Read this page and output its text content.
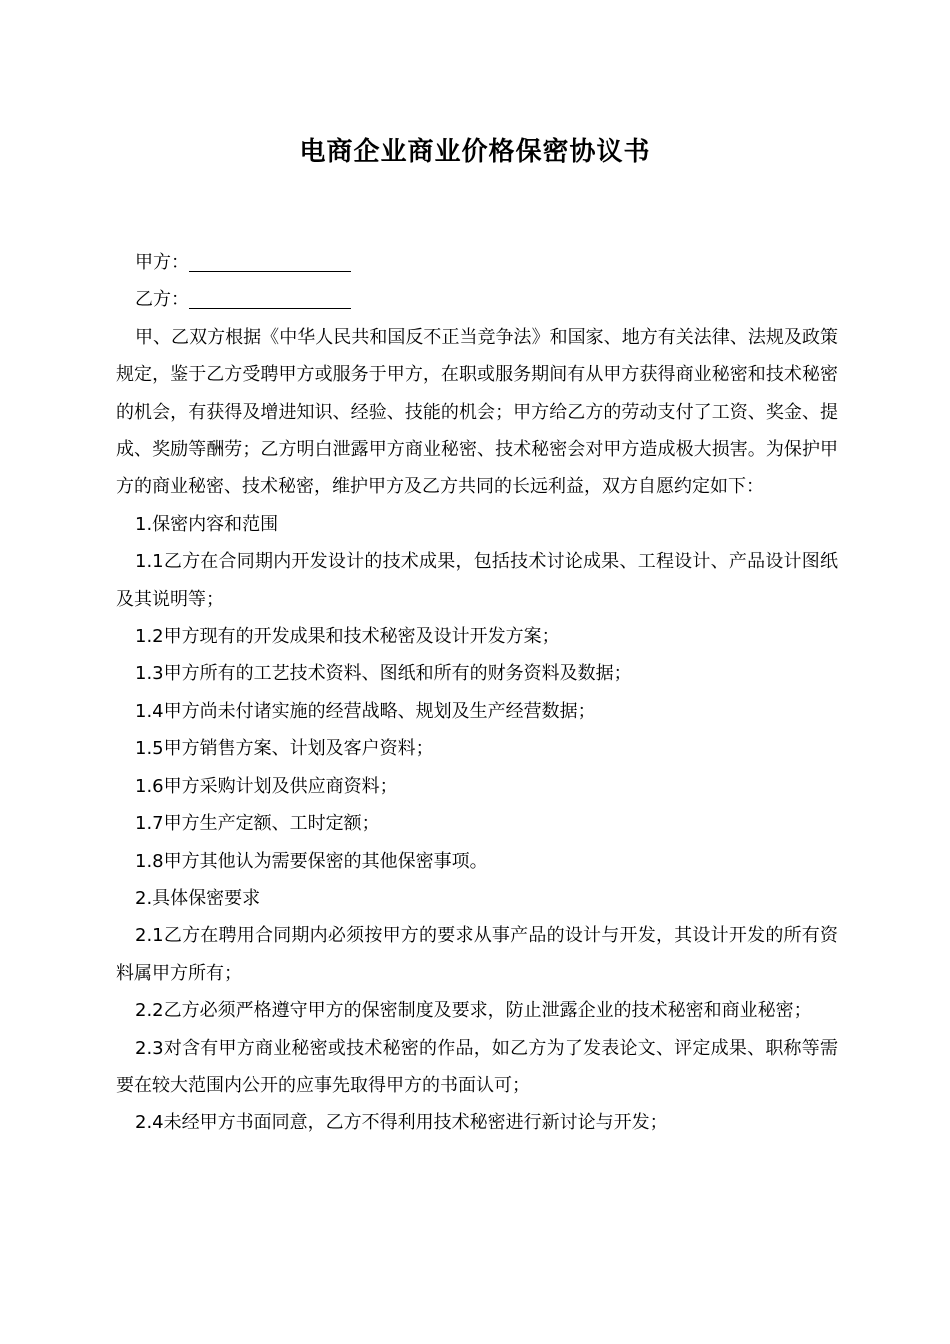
电商企业商业价格保密协议书

甲方：

乙方：

甲、乙双方根据《中华人民共和国反不正当竞争法》和国家、地方有关法律、法规及政策规定，鉴于乙方受聘甲方或服务于甲方，在职或服务期间有从甲方获得商业秘密和技术秘密的机会，有获得及增进知识、经验、技能的机会；甲方给乙方的劳动支付了工资、奖金、提成、奖励等酬劳；乙方明白泄露甲方商业秘密、技术秘密会对甲方造成极大损害。为保护甲方的商业秘密、技术秘密，维护甲方及乙方共同的长远利益，双方自愿约定如下：

1.保密内容和范围

1.1乙方在合同期内开发设计的技术成果，包括技术讨论成果、工程设计、产品设计图纸及其说明等；

1.2甲方现有的开发成果和技术秘密及设计开发方案；

1.3甲方所有的工艺技术资料、图纸和所有的财务资料及数据；

1.4甲方尚未付诸实施的经营战略、规划及生产经营数据；

1.5甲方销售方案、计划及客户资料；

1.6甲方采购计划及供应商资料；

1.7甲方生产定额、工时定额；

1.8甲方其他认为需要保密的其他保密事项。

2.具体保密要求

2.1乙方在聘用合同期内必须按甲方的要求从事产品的设计与开发，其设计开发的所有资料属甲方所有；

2.2乙方必须严格遵守甲方的保密制度及要求，防止泄露企业的技术秘密和商业秘密；

2.3对含有甲方商业秘密或技术秘密的作品，如乙方为了发表论文、评定成果、职称等需要在较大范围内公开的应事先取得甲方的书面认可；

2.4未经甲方书面同意，乙方不得利用技术秘密进行新讨论与开发；
